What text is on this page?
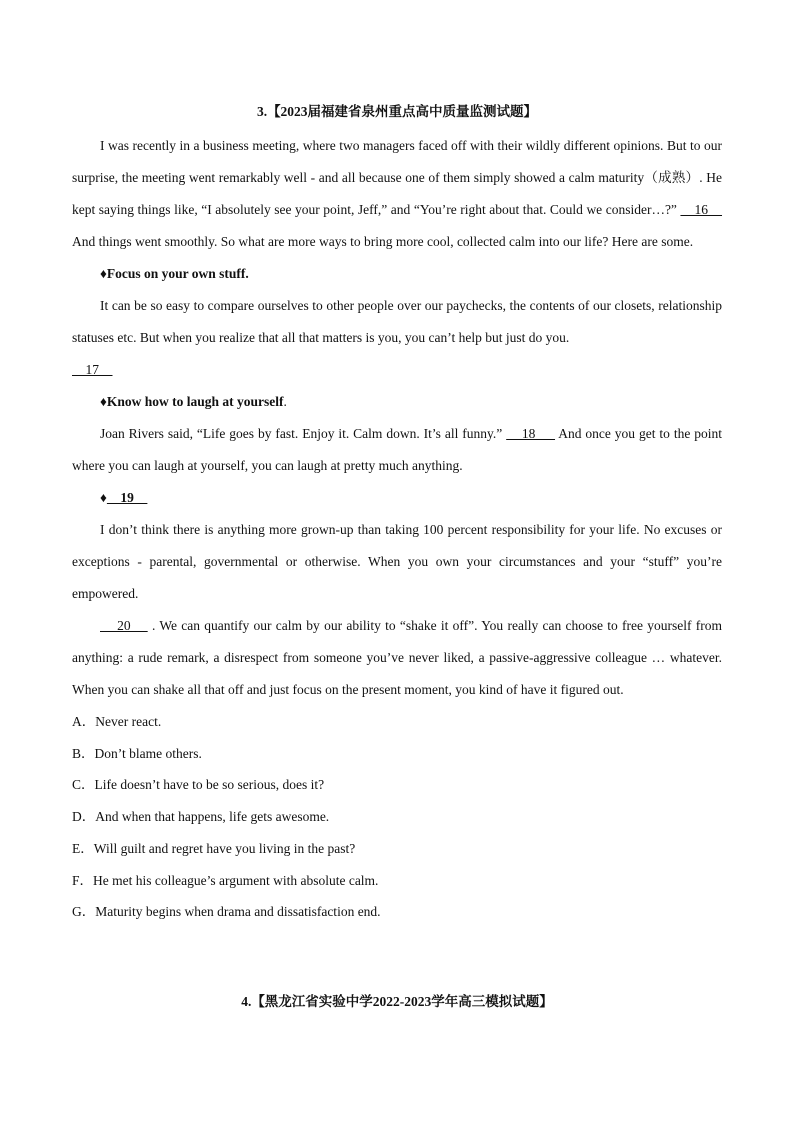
3.【2023届福建省泉州重点高中质量监测试题】

I was recently in a business meeting, where two managers faced off with their wildly different opinions. But to our surprise, the meeting went remarkably well - and all because one of them simply showed a calm maturity（成熟）. He kept saying things like, “I absolutely see your point, Jeff,” and “You’re right about that. Could we consider…?”     16     And things went smoothly. So what are more ways to bring more cool, collected calm into our life? Here are some.

♦Focus on your own stuff.

It can be so easy to compare ourselves to other people over our paychecks, the contents of our closets, relationship statuses etc. But when you realize that all that matters is you, you can’t help but just do you.

17

♦Know how to laugh at yourself.

Joan Rivers said, “Life goes by fast. Enjoy it. Calm down. It’s all funny.”     18      And once you get to the point where you can laugh at yourself, you can laugh at pretty much anything.

♦    19

I don’t think there is anything more grown-up than taking 100 percent responsibility for your life. No excuses or exceptions - parental, governmental or otherwise. When you own your circumstances and your “stuff” you’re empowered.

20     . We can quantify our calm by our ability to “shake it off”. You really can choose to free yourself from anything: a rude remark, a disrespect from someone you’ve never liked, a passive-aggressive colleague … whatever. When you can shake all that off and just focus on the present moment, you kind of have it figured out.

A．Never react.

B．Don’t blame others.

C．Life doesn’t have to be so serious, does it?

D．And when that happens, life gets awesome.

E．Will guilt and regret have you living in the past?

F．He met his colleague’s argument with absolute calm.

G．Maturity begins when drama and dissatisfaction end.

4.【黑龙江省实验中学2022-2023学年高三模拟试题】
